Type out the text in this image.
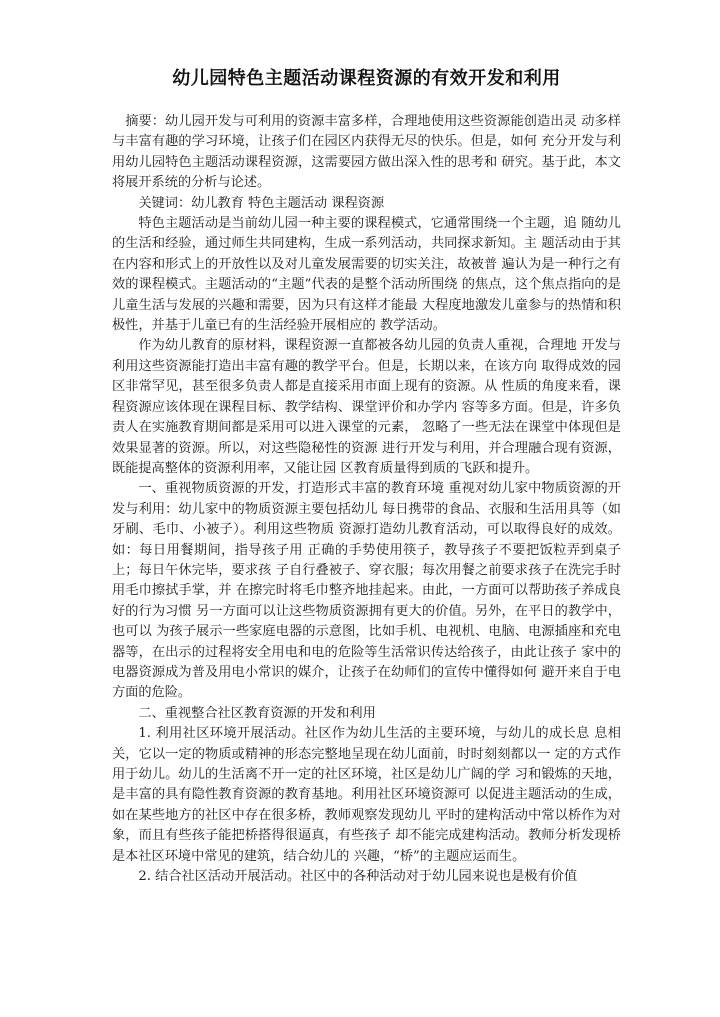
幼儿园特色主题活动课程资源的有效开发和利用

摘要：幼儿园开发与可利用的资源丰富多样，合理地使用这些资源能创造出灵 动多样与丰富有趣的学习环境，让孩子们在园区内获得无尽的快乐。但是，如何 充分开发与利用幼儿园特色主题活动课程资源，这需要园方做出深入性的思考和 研究。基于此，本文将展开系统的分析与论述。

关键词：幼儿教育 特色主题活动 课程资源

特色主题活动是当前幼儿园一种主要的课程模式，它通常围绕一个主题，追 随幼儿的生活和经验，通过师生共同建构，生成一系列活动，共同探求新知。主 题活动由于其在内容和形式上的开放性以及对儿童发展需要的切实关注，故被普 遍认为是一种行之有效的课程模式。主题活动的“主题”代表的是整个活动所围绕 的焦点，这个焦点指向的是儿童生活与发展的兴趣和需要，因为只有这样才能最 大程度地激发儿童参与的热情和积极性，并基于儿童已有的生活经验开展相应的 教学活动。

作为幼儿教育的原材料，课程资源一直都被各幼儿园的负责人重视，合理地 开发与利用这些资源能打造出丰富有趣的教学平台。但是，长期以来，在该方向 取得成效的园区非常罕见，甚至很多负责人都是直接采用市面上现有的资源。从 性质的角度来看，课程资源应该体现在课程目标、教学结构、课堂评价和办学内 容等多方面。但是，许多负责人在实施教育期间都是采用可以进入课堂的元素， 忽略了一些无法在课堂中体现但是效果显著的资源。所以，对这些隐秘性的资源 进行开发与利用，并合理融合现有资源，既能提高整体的资源利用率，又能让园 区教育质量得到质的飞跃和提升。

一、重视物质资源的开发，打造形式丰富的教育环境 重视对幼儿家中物质资源的开发与利用：幼儿家中的物质资源主要包括幼儿 每日携带的食品、衣服和生活用具等（如牙刷、毛巾、小被子）。利用这些物质 资源打造幼儿教育活动，可以取得良好的成效。如：每日用餐期间，指导孩子用 正确的手势使用筷子，教导孩子不要把饭粒弄到桌子上；每日午休完毕，要求孩 子自行叠被子、穿衣服；每次用餐之前要求孩子在洗完手时用毛巾擦拭手掌，并 在擦完时将毛巾整齐地挂起来。由此，一方面可以帮助孩子养成良好的行为习惯 另一方面可以让这些物质资源拥有更大的价值。另外，在平日的教学中，也可以 为孩子展示一些家庭电器的示意图，比如手机、电视机、电脑、电源插座和充电 器等，在出示的过程将安全用电和电的危险等生活常识传达给孩子，由此让孩子 家中的电器资源成为普及用电小常识的媒介，让孩子在幼师们的宣传中懂得如何 避开来自于电方面的危险。

二、重视整合社区教育资源的开发和利用

1. 利用社区环境开展活动。社区作为幼儿生活的主要环境，与幼儿的成长息 息相关，它以一定的物质或精神的形态完整地呈现在幼儿面前，时时刻刻都以一 定的方式作用于幼儿。幼儿的生活离不开一定的社区环境，社区是幼儿广阔的学 习和锻炼的天地，是丰富的具有隐性教育资源的教育基地。利用社区环境资源可 以促进主题活动的生成，如在某些地方的社区中存在很多桥，教师观察发现幼儿 平时的建构活动中常以桥作为对象，而且有些孩子能把桥搭得很逼真，有些孩子 却不能完成建构活动。教师分析发现桥是本社区环境中常见的建筑，结合幼儿的 兴趣，“桥”的主题应运而生。

2. 结合社区活动开展活动。社区中的各种活动对于幼儿园来说也是极有价值
